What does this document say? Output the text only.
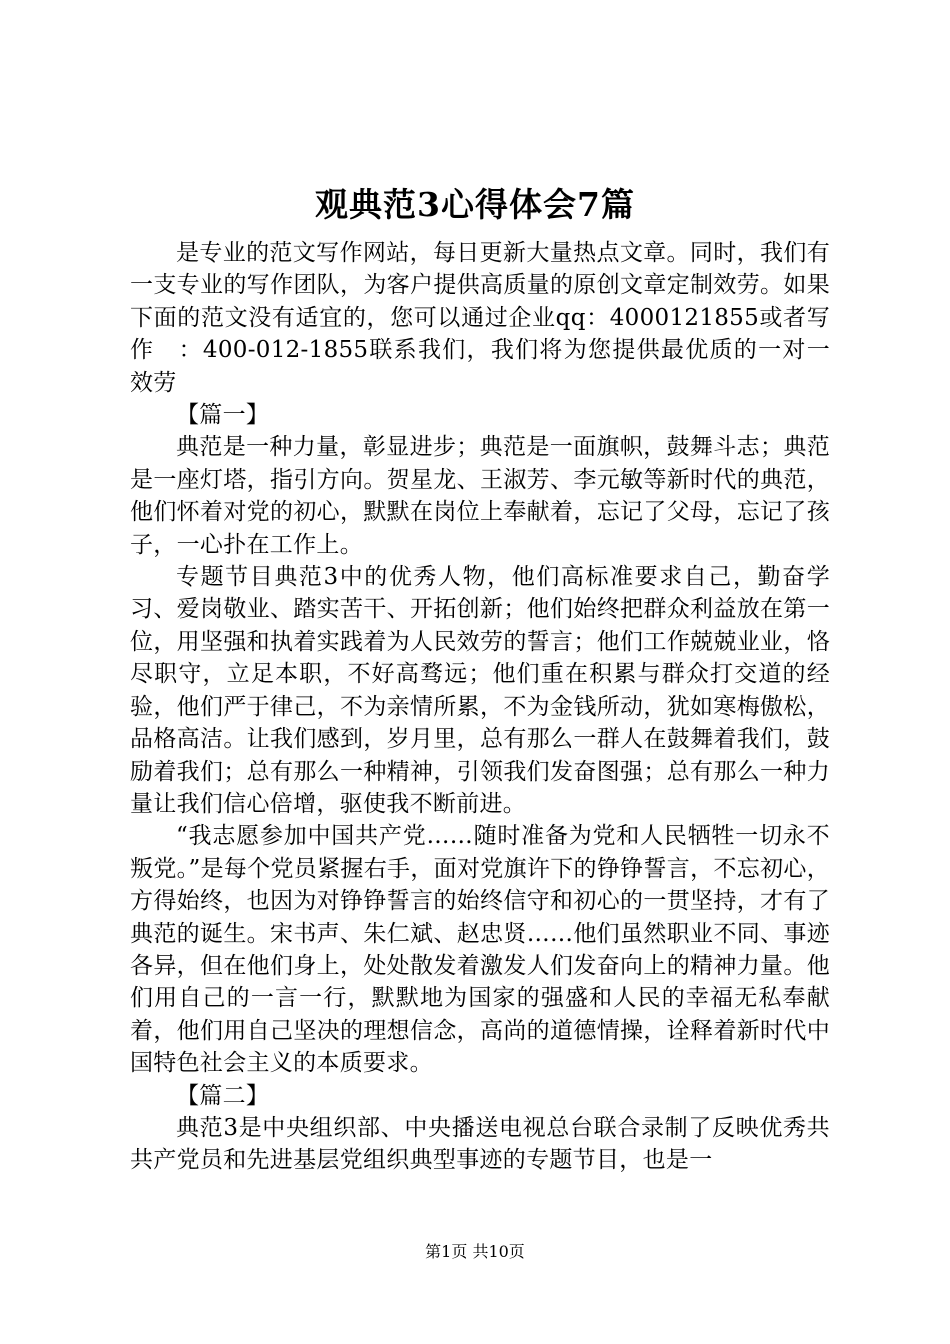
观典范3心得体会7篇

是专业的范文写作网站，每日更新大量热点文章。同时，我们有一支专业的写作团队，为客户提供高质量的原创文章定制效劳。如果下面的范文没有适宜的，您可以通过企业qq：4000121855或者写作　：400-012-1855联系我们，我们将为您提供最优质的一对一效劳

【篇一】

典范是一种力量，彰显进步；典范是一面旗帜，鼓舞斗志；典范是一座灯塔，指引方向。贺星龙、王淑芳、李元敏等新时代的典范，他们怀着对党的初心，默默在岗位上奉献着，忘记了父母，忘记了孩子，一心扑在工作上。

专题节目典范3中的优秀人物，他们高标准要求自己，勤奋学习、爱岗敬业、踏实苦干、开拓创新；他们始终把群众利益放在第一位，用坚强和执着实践着为人民效劳的誓言；他们工作兢兢业业，恪尽职守，立足本职，不好高骛远；他们重在积累与群众打交道的经验，他们严于律己，不为亲情所累，不为金钱所动，犹如寒梅傲松，品格高洁。让我们感到，岁月里，总有那么一群人在鼓舞着我们，鼓励着我们；总有那么一种精神，引领我们发奋图强；总有那么一种力量让我们信心倍增，驱使我不断前进。

“我志愿参加中国共产党……随时准备为党和人民牺牲一切永不叛党。”是每个党员紧握右手，面对党旗许下的铮铮誓言，不忘初心，方得始终，也因为对铮铮誓言的始终信守和初心的一贯坚持，才有了典范的诞生。宋书声、朱仁斌、赵忠贤……他们虽然职业不同、事迹各异，但在他们身上，处处散发着激发人们发奋向上的精神力量。他们用自己的一言一行，默默地为国家的强盛和人民的幸福无私奉献着，他们用自己坚决的理想信念，高尚的道德情操，诠释着新时代中国特色社会主义的本质要求。

【篇二】

典范3是中央组织部、中央播送电视总台联合录制了反映优秀共共产党员和先进基层党组织典型事迹的专题节目，也是一

第1页 共10页
